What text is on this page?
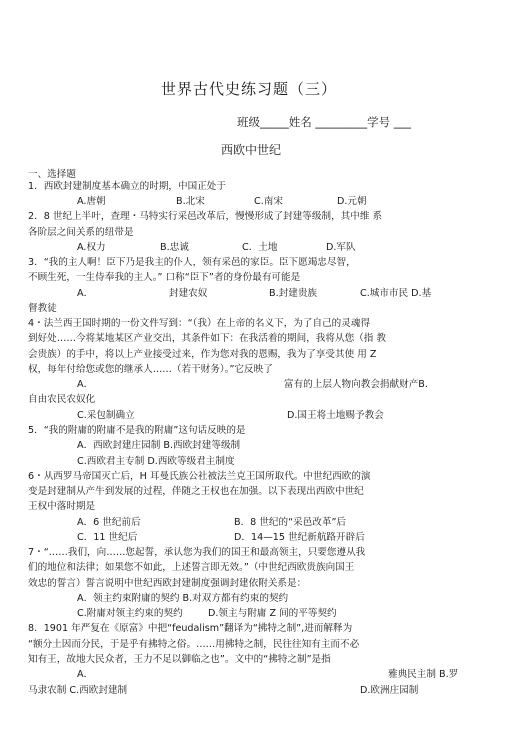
世界古代史练习题（三）
班级_____姓名 _________学号 ___
西欧中世纪
一、选择题
1．西欧封建制度基本确立的时期，中国正处于
A.唐朝	B.北宋	C.南宋	D.元朝
2．8 世纪上半叶，查理・马特实行采邑改革后，慢慢形成了封建等级制，其中维 系
各阶层之间关系的纽带是
A.权力	B.忠诚	C．土地	D.军队
3．“我的主人啊！臣下乃是我主的仆人，领有采邑的家臣。臣下愿竭忠尽智，
不顾生死，一生侍奉我的主人。” 口称“臣下”者的身份最有可能是
A．	封建农奴	B.封建贵族	C.城市市民 D.基
督教徒
4・法兰西王国时期的一份文件写到：“（我）在上帝的名义下，为了自己的灵魂得
到好处……今将某地某区产业交出，其条件如下：在我活着的期间，我将从您（指 教
会贵族）的手中，将以上产业接受过来，作为您对我的恩赐，我为了享受其使 用 Z
权，每年付给您或您的继承人……（若干财务）。”它反映了
A．	富有的上层人物向教会捐献财产B．
自由农民农奴化
C.采包制确立	D.国王将土地赐予教会
5．“我的附庸的附庸不是我的附庸”这句话反映的是
A．西欧封建庄园制 B.西欧封建等级制
C.西欧君主专制 D.西欧等级君主制度
6・从西罗马帝国灭亡后，H 耳曼氏族公社被法兰克王国所取代。中世纪西欧的演
变是封建制从产牛到发展的过程，伴随之王权也在加强。以下表现出西欧中世纪
王权中落时期是
A．6 世纪前后	B．8 世纪的“采邑改革”后
C．11 世纪后	D．14—15 世纪新航路开辟后
7・“……我们，向……您起誓，承认您为我们的国王和最高领主，只要您遵从我
们的地位和法律；如果您不如此，上述誓言即无效。”（中世纪西欧贵族向国王
效忠的誓言）誓言说明中世纪西欧封建制度强调封建依附关系是：
A．领主约束附庸的契约 B.对双方都有约束的契约
C.附庸对领主约束的契约	D.领主与附庸 Z 间的平等契约
8．1901 年严复在《原富》中把“feudalism”翻译为“拂特之制”,进而解释为
“额分土因而分民，于是乎有拂特之俗。……用拂特之制，民往往知有主而不必
知有王，故地大民众者，王力不足以御临之也”。文中的“拂特之制”是指
A．	雅典民主制 B.罗
马隶农制 C.西欧封建制	D.欧洲庄园制
